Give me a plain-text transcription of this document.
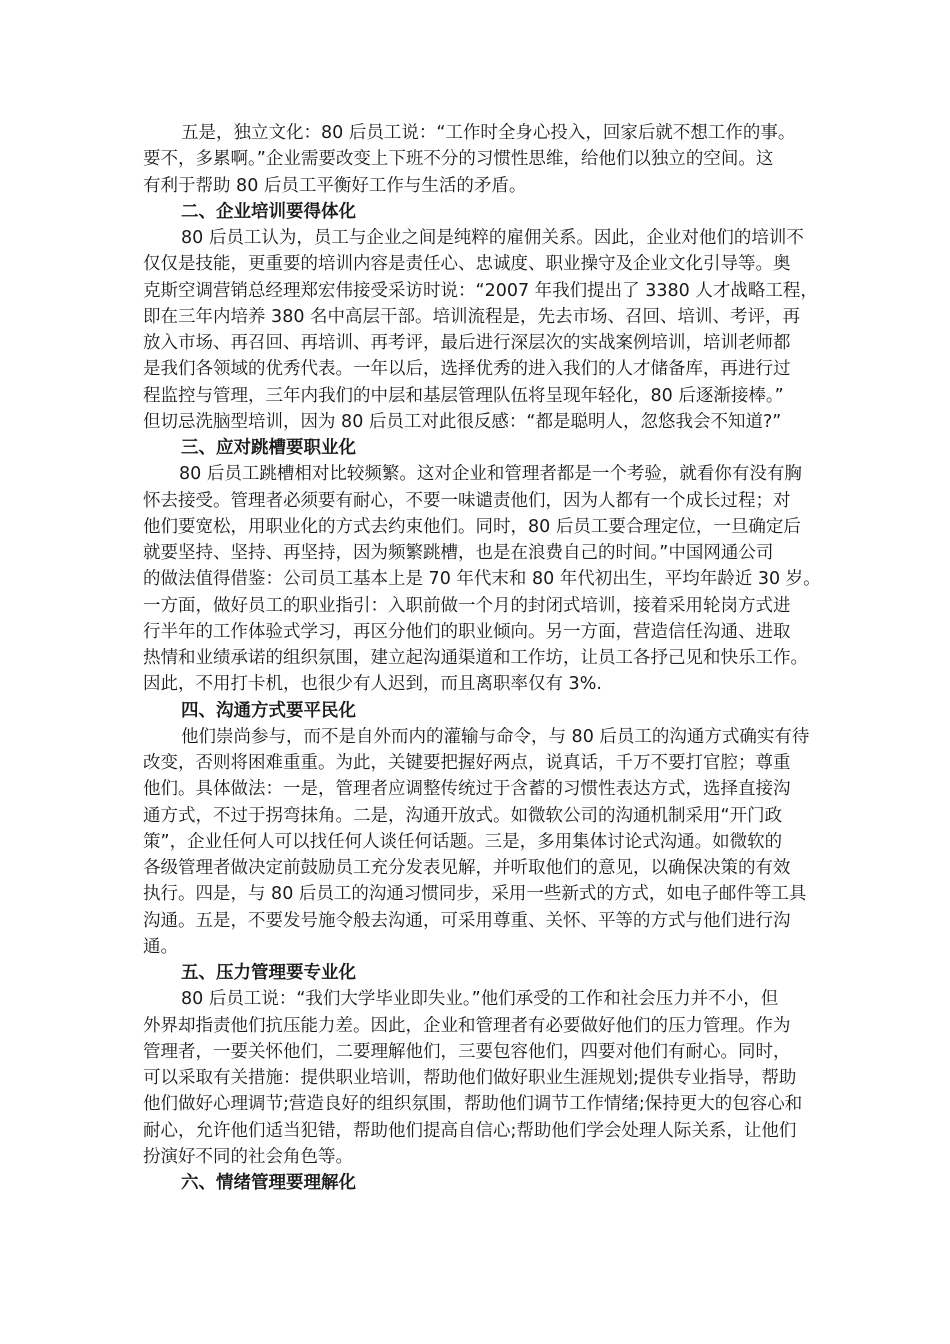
五是，独立文化：80 后员工说：“工作时全身心投入，回家后就不想工作的事。
要不，多累啊。”企业需要改变上下班不分的习惯性思维，给他们以独立的空间。这
有利于帮助 80 后员工平衡好工作与生活的矛盾。
二、企业培训要得体化
80 后员工认为，员工与企业之间是纯粹的雇佣关系。因此，企业对他们的培训不
仅仅是技能，更重要的培训内容是责任心、忠诚度、职业操守及企业文化引导等。奥
克斯空调营销总经理郑宏伟接受采访时说：“2007 年我们提出了 3380 人才战略工程，
即在三年内培养 380 名中高层干部。培训流程是，先去市场、召回、培训、考评，再
放入市场、再召回、再培训、再考评，最后进行深层次的实战案例培训，培训老师都
是我们各领域的优秀代表。一年以后，选择优秀的进入我们的人才储备库，再进行过
程监控与管理，三年内我们的中层和基层管理队伍将呈现年轻化，80 后逐渐接棒。”
但切忌洗脑型培训，因为 80 后员工对此很反感：“都是聪明人，忽悠我会不知道?”
三、应对跳槽要职业化
80 后员工跳槽相对比较频繁。这对企业和管理者都是一个考验，就看你有没有胸
怀去接受。管理者必须要有耐心，不要一味谴责他们，因为人都有一个成长过程；对
他们要宽松，用职业化的方式去约束他们。同时，80 后员工要合理定位，一旦确定后
就要坚持、坚持、再坚持，因为频繁跳槽，也是在浪费自己的时间。”中国网通公司
的做法值得借鉴：公司员工基本上是 70 年代末和 80 年代初出生，平均年龄近 30 岁。
一方面，做好员工的职业指引：入职前做一个月的封闭式培训，接着采用轮岗方式进
行半年的工作体验式学习，再区分他们的职业倾向。另一方面，营造信任沟通、进取
热情和业绩承诺的组织氛围，建立起沟通渠道和工作坊，让员工各抒己见和快乐工作。
因此，不用打卡机，也很少有人迟到，而且离职率仅有 3%.
四、沟通方式要平民化
他们崇尚参与，而不是自外而内的灌输与命令，与 80 后员工的沟通方式确实有待
改变，否则将困难重重。为此，关键要把握好两点，说真话，千万不要打官腔；尊重
他们。具体做法：一是，管理者应调整传统过于含蓄的习惯性表达方式，选择直接沟
通方式，不过于拐弯抹角。二是，沟通开放式。如微软公司的沟通机制采用“开门政
策”，企业任何人可以找任何人谈任何话题。三是，多用集体讨论式沟通。如微软的
各级管理者做决定前鼓励员工充分发表见解，并听取他们的意见，以确保决策的有效
执行。四是，与 80 后员工的沟通习惯同步，采用一些新式的方式，如电子邮件等工具
沟通。五是，不要发号施令般去沟通，可采用尊重、关怀、平等的方式与他们进行沟
通。
五、压力管理要专业化
80 后员工说：“我们大学毕业即失业。”他们承受的工作和社会压力并不小，但
外界却指责他们抗压能力差。因此，企业和管理者有必要做好他们的压力管理。作为
管理者，一要关怀他们，二要理解他们，三要包容他们，四要对他们有耐心。同时，
可以采取有关措施：提供职业培训，帮助他们做好职业生涯规划;提供专业指导，帮助
他们做好心理调节;营造良好的组织氛围，帮助他们调节工作情绪;保持更大的包容心和
耐心，允许他们适当犯错，帮助他们提高自信心;帮助他们学会处理人际关系，让他们
扮演好不同的社会角色等。
六、情绪管理要理解化
